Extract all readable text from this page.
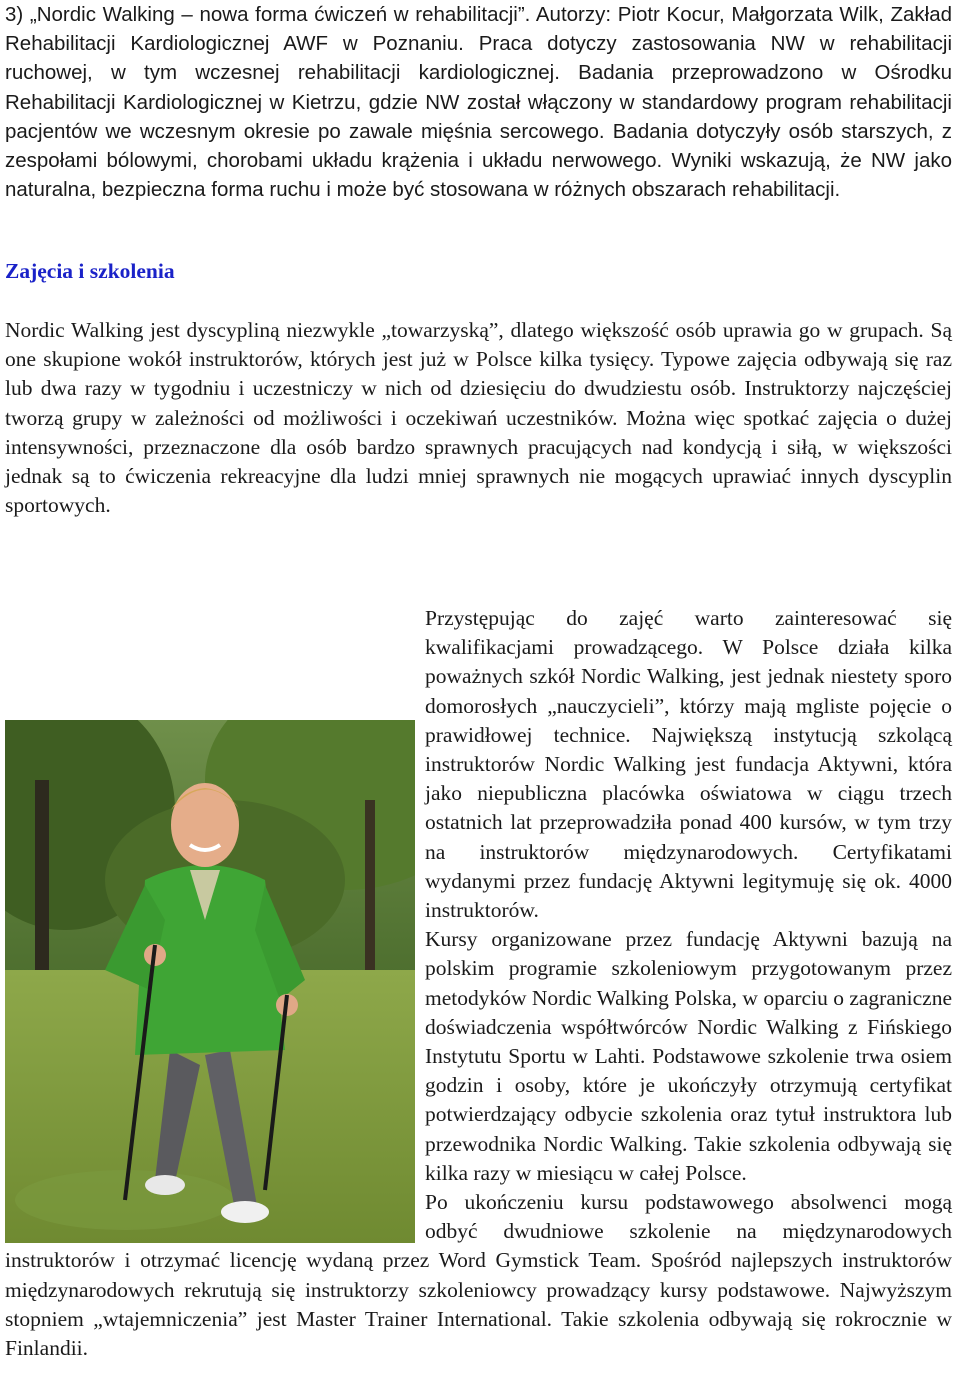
3) „Nordic Walking – nowa forma ćwiczeń w rehabilitacji”. Autorzy: Piotr Kocur, Małgorzata Wilk, Zakład Rehabilitacji Kardiologicznej AWF w Poznaniu. Praca dotyczy zastosowania NW w rehabilitacji ruchowej, w tym wczesnej rehabilitacji kardiologicznej. Badania przeprowadzono w Ośrodku Rehabilitacji Kardiologicznej w Kietrzu, gdzie NW został włączony w standardowy program rehabilitacji pacjentów we wczesnym okresie po zawale mięśnia sercowego. Badania dotyczyły osób starszych, z zespołami bólowymi, chorobami układu krążenia i układu nerwowego. Wyniki wskazują, że NW jako naturalna, bezpieczna forma ruchu i może być stosowana w różnych obszarach rehabilitacji.

Zajęcia i szkolenia

Nordic Walking jest dyscypliną niezwykle „towarzyską”, dlatego większość osób uprawia go w grupach. Są one skupione wokół instruktorów, których jest już w Polsce kilka tysięcy. Typowe zajęcia odbywają się raz lub dwa razy w tygodniu i uczestniczy w nich od dziesięciu do dwudziestu osób. Instruktorzy najczęściej tworzą grupy w zależności od możliwości i oczekiwań uczestników. Można więc spotkać zajęcia o dużej intensywności, przeznaczone dla osób bardzo sprawnych pracujących nad kondycją i siłą, w większości jednak są to ćwiczenia rekreacyjne dla ludzi mniej sprawnych nie mogących uprawiać innych dyscyplin sportowych.

Przystępując do zajęć warto zainteresować się kwalifikacjami prowadzącego. W Polsce działa kilka poważnych szkół Nordic Walking, jest jednak niestety sporo domorosłych „nauczycieli”, którzy mają mgliste pojęcie o prawidłowej technice. Największą instytucją szkolącą instruktorów Nordic Walking jest fundacja Aktywni, która jako niepubliczna placówka oświatowa w ciągu trzech ostatnich lat przeprowadziła ponad 400 kursów, w tym trzy na instruktorów międzynarodowych. Certyfikatami wydanymi przez fundację Aktywni legitymuję się ok. 4000 instruktorów.

Kursy organizowane przez fundację Aktywni bazują na polskim programie szkoleniowym przygotowanym przez metodyków Nordic Walking Polska, w oparciu o zagraniczne doświadczenia współtwórców Nordic Walking z Fińskiego Instytutu Sportu w Lahti. Podstawowe szkolenie trwa osiem godzin i osoby, które je ukończyły otrzymują certyfikat potwierdzający odbycie szkolenia oraz tytuł instruktora lub przewodnika Nordic Walking. Takie szkolenia odbywają się kilka razy w miesiącu w całej Polsce.

Po ukończeniu kursu podstawowego absolwenci mogą odbyć dwudniowe szkolenie na międzynarodowych instruktorów i otrzymać licencję wydaną przez Word Gymstick Team. Spośród najlepszych instruktorów międzynarodowych rekrutują się instruktorzy szkoleniowcy prowadzący kursy podstawowe. Najwyższym stopniem „wtajemniczenia” jest Master Trainer International. Takie szkolenia odbywają się rokrocznie w Finlandii.
